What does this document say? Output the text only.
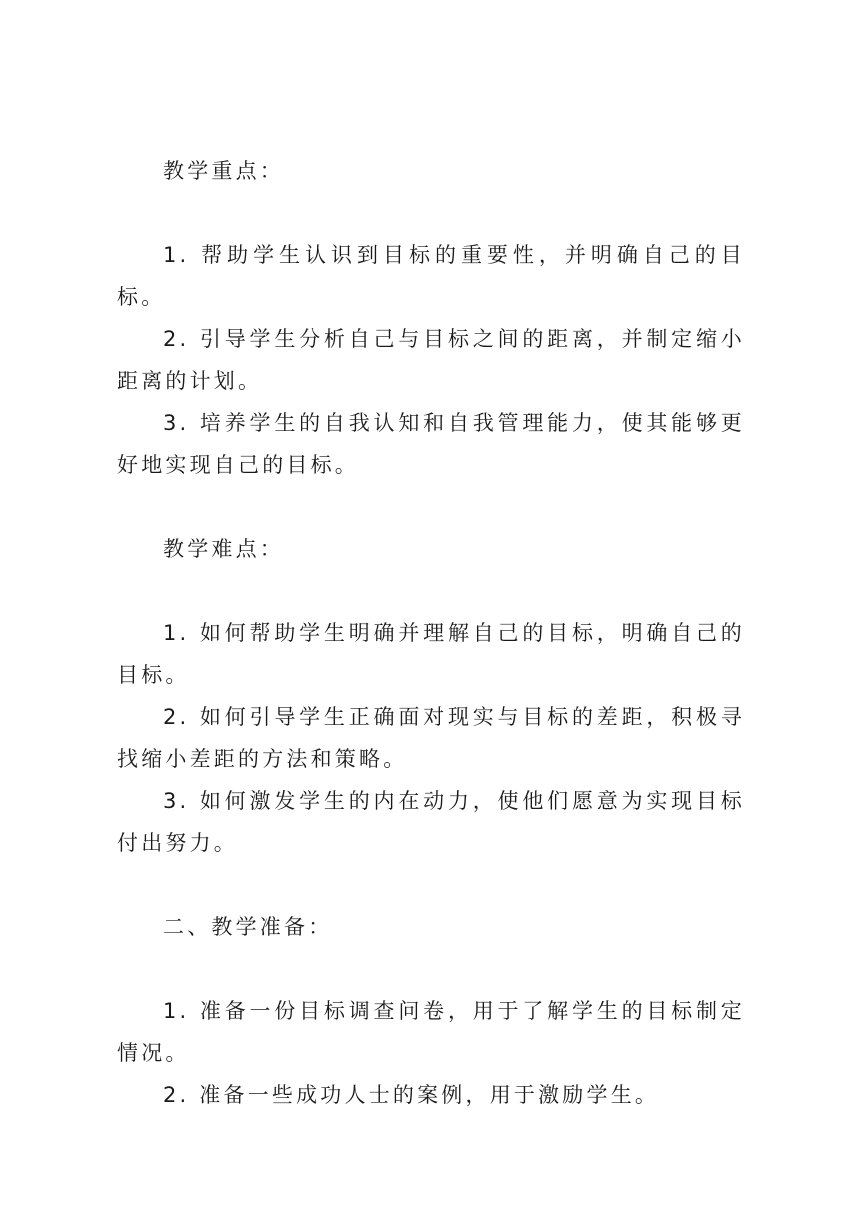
教学重点：

1. 帮助学生认识到目标的重要性，并明确自己的目标。

2. 引导学生分析自己与目标之间的距离，并制定缩小距离的计划。

3. 培养学生的自我认知和自我管理能力，使其能够更好地实现自己的目标。

教学难点：

1. 如何帮助学生明确并理解自己的目标，明确自己的目标。

2. 如何引导学生正确面对现实与目标的差距，积极寻找缩小差距的方法和策略。

3. 如何激发学生的内在动力，使他们愿意为实现目标付出努力。

二、教学准备：

1. 准备一份目标调查问卷，用于了解学生的目标制定情况。

2. 准备一些成功人士的案例，用于激励学生。
